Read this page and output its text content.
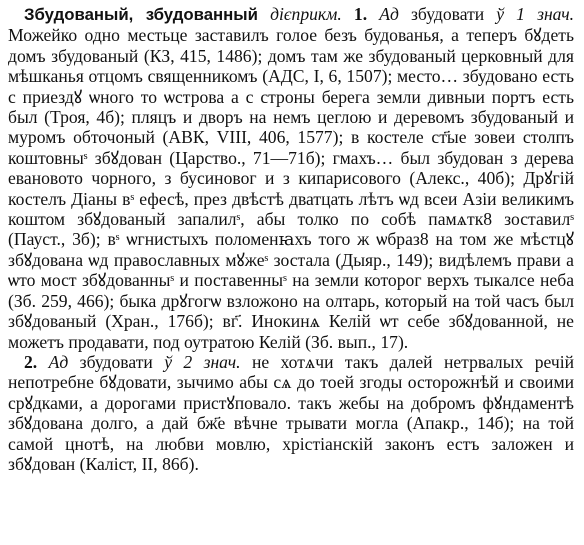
Збудованый, збудованный дієприкм. 1. Ад збудовати ў 1 знач. Можейко одно местьце заставилъ голое безъ будованья, а теперъ бꙋдеть домъ збудованый (КЗ, 415, 1486); домъ там же збудованый церковный для мѣшканья отцомъ священникомъ (АДС, I, 6, 1507); место… збудовано есть с приездꙋ ѡного то ѡстрова а с строны берега земли дивныи портъ есть был (Троя, 4б); пляцъ и дворъ на немъ цеглою и деревомъ збудованый и муромъ обточоный (АВК, VIII, 406, 1577); в костеле ст҃ые зовеи столпъ коштовныˢ збꙋдован (Царство., 71—71б); гмахъ… был збудован з дерева евановото чорного, з бусиновог и з кипарисового (Алекс., 40б); Дрꙋгій костелъ Діаны вˢ ефесѣ, през двѣстѣ дватцать лѣтъ ѡд всеи Азіи великимъ коштом збꙋдованый запалилˢ, абы толко по собѣ памѧтк8 зоставилˢ (Пауст., 3б); вˢ ѡгнистыхъ поломенꙗхъ того ж ѡбраз8 на том же мѣстцꙋ збꙋдована ѡд православных мꙋжеˢ зостала (Дыяр., 149); видѣлемъ прави а ѡто мост збꙋдованныˢ и поставенныˢ на земли которог верхъ тыкалсе неба (Зб. 259, 466); быка дрꙋгогѡ взложоно на олтарь, который на той часъ был збꙋдованый (Хран., 176б); вг҃. Инокинѧ Келій ѡт себе збꙋдованной, не можетъ продавати, под оутратою Келій (Зб. вып., 17).

2. Ад збудовати ў 2 знач. не хотѧчи такъ далей нетрвалых речій непотребне бꙋдовати, зычимо абы сѧ до тоей згоды осторожнѣй и своими срꙋдками, а дорогами пристꙋповало. такъ жебы на добромъ фꙋндаментѣ збꙋдована долго, а дай бж҃е вѣчне трывати могла (Апакр., 14б); на той самой цнотѣ, на любви мовлю, хрістіанскій законъ естъ заложен и збꙋдован (Каліст, II, 86б).
